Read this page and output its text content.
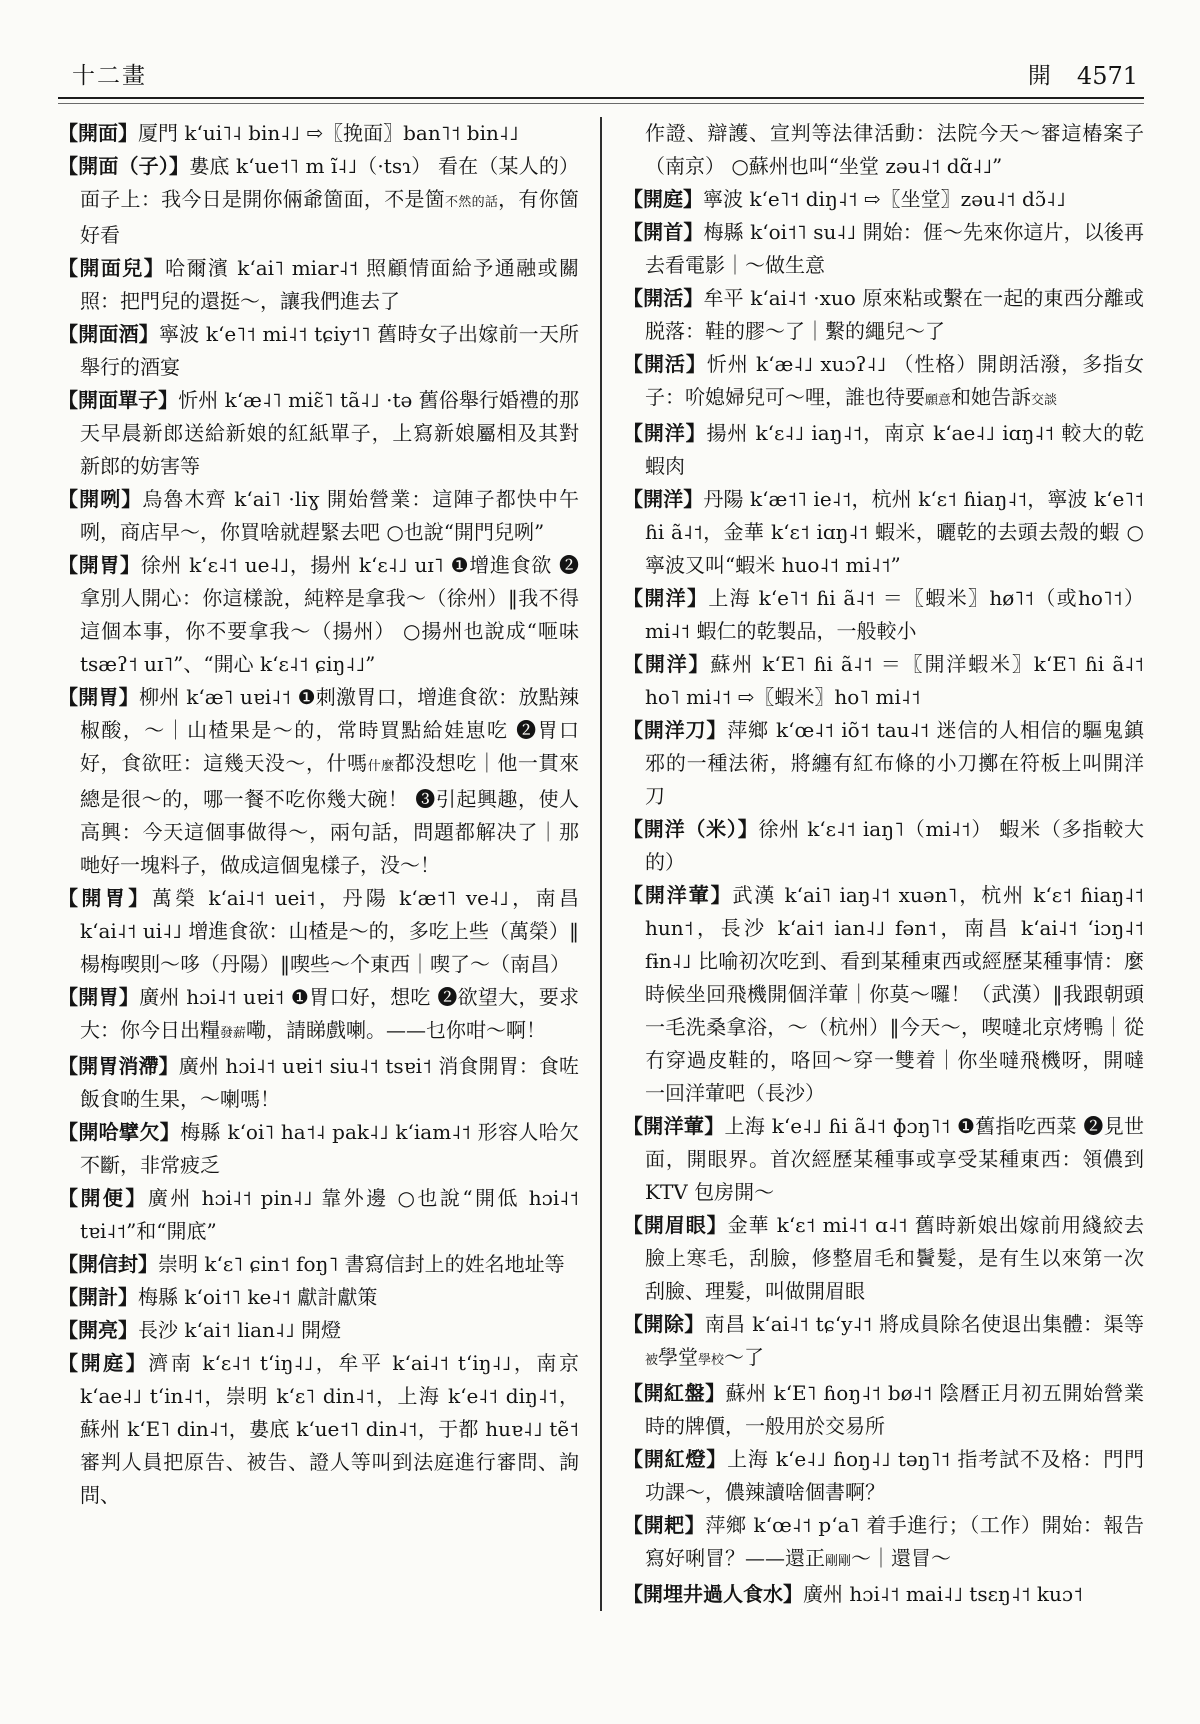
十二畫	開 4571

【開面】厦門 kʻui˥˨ bin˨˩ ⇨〖挽面〗ban˥˦ bin˨˩

【開面（子）】婁底 kʻue˦˥ m ĩ˨˩（·tsɿ） 看在（某人的）面子上：我今日是開你倆爺箇面，不是箇不然的話，有你箇好看

【開面兒】哈爾濱 kʻai˥ miar˨˦ 照顧情面給予通融或關照：把門兒的還挺～，讓我們進去了

【開面酒】寧波 kʻe˥˦ mi˨˦ tɕiy˦˥ 舊時女子出嫁前一天所舉行的酒宴

【開面單子】忻州 kʻæ˨˥ miɛ̃˥ tã˨˩ ·tə 舊俗舉行婚禮的那天早晨新郎送給新娘的紅紙單子，上寫新娘屬相及其對新郎的妨害等

【開咧】烏魯木齊 kʻai˥ ·liɣ 開始營業：這陣子都快中午咧，商店早～，你買啥就趕緊去吧 ○也說“開門兒咧”

【開胃】徐州 kʻɛ˨˦ ue˨˩，揚州 kʻɛ˨˩ uɪ˥ ❶增進食欲 ❷拿別人開心：你這樣說，純粹是拿我～（徐州）‖我不得這個本事，你不要拿我～（揚州） ○揚州也說成“咂味 tsæʔ˦ uɪ˥”、“開心 kʻɛ˨˦ ɕiŋ˨˩”

【開胃】柳州 kʻæ˥ uɐi˨˦ ❶刺激胃口，增進食欲：放點辣椒酸，～｜山楂果是～的，常時買點給娃崽吃 ❷胃口好，食欲旺：這幾天没～，什嗎什麼都没想吃｜他一貫來總是很～的，哪一餐不吃你幾大碗！ ❸引起興趣，使人高興：今天這個事做得～，兩句話，問題都解决了｜那哋好一塊料子，做成這個鬼樣子，没～！

【開胃】萬榮 kʻai˨˦ uei˦，丹陽 kʻæ˦˥ ve˨˩，南昌 kʻai˨˦ ui˨˩ 增進食欲：山楂是～的，多吃上些（萬榮）‖楊梅喫則～哆（丹陽）‖喫些～个東西｜喫了～（南昌）

【開胃】廣州 hɔi˨˦ uɐi˦ ❶胃口好，想吃 ❷欲望大，要求大：你今日出糧發薪嘞，請睇戲喇。——乜你咁～啊！

【開胃消滯】廣州 hɔi˨˦ uɐi˦ siu˨˦ tsɐi˦ 消食開胃：食咗飯食啲生果，～喇嗎！

【開哈擘欠】梅縣 kʻoi˥ ha˦˨ pak˨˩ kʻiam˨˦ 形容人哈欠不斷，非常疲乏

【開便】廣州 hɔi˨˦ pin˨˩ 靠外邊 ○也說“開低 hɔi˨˦ tɐi˨˦”和“開底”

【開信封】崇明 kʻɛ˥ ɕin˦ foŋ˥ 書寫信封上的姓名地址等

【開計】梅縣 kʻoi˦˥ ke˨˦ 獻計獻策

【開亮】長沙 kʻai˦ lian˨˩ 開燈

【開庭】濟南 kʻɛ˨˦ tʻiŋ˨˩，牟平 kʻai˨˦ tʻiŋ˨˩，南京 kʻae˨˩ tʻin˨˦，崇明 kʻɛ˥ din˨˦，上海 kʻe˨˦ diŋ˨˦，蘇州 kʻE˥ din˨˦，婁底 kʻue˦˥ din˨˦，于都 huɐ˨˩ tẽ˦ 審判人員把原告、被告、證人等叫到法庭進行審問、詢問、

作證、辯護、宣判等法律活動：法院今天～審這樁案子（南京） ○蘇州也叫“坐堂 zəu˨˦ dɑ̃˨˩”

【開庭】寧波 kʻe˥˦ diŋ˨˦ ⇨〖坐堂〗zəu˨˦ dɔ̃˨˩

【開首】梅縣 kʻoi˦˥ su˨˩ 開始：𠊎～先來你這片，以後再去看電影｜～做生意

【開活】牟平 kʻai˨˦ ·xuo 原來粘或繫在一起的東西分離或脱落：鞋的膠～了｜繫的繩兒～了

【開活】忻州 kʻæ˨˩ xuɔʔ˨˩ （性格）開朗活潑，多指女子：吤媳婦兒可～哩，誰也待要願意和她告訴交談

【開洋】揚州 kʻɛ˨˩ iaŋ˨˦，南京 kʻae˨˩ iɑŋ˨˦ 較大的乾蝦肉

【開洋】丹陽 kʻæ˦˥ ie˨˦，杭州 kʻɛ˦ ɦiaŋ˨˦，寧波 kʻe˥˦ ɦi ã˨˦，金華 kʻɛ˦ iɑŋ˨˦ 蝦米，曬乾的去頭去殼的蝦 ○寧波又叫“蝦米 huo˨˦ mi˨˦”

【開洋】上海 kʻe˥˦ ɦi ã˨˦ ＝〖蝦米〗hø˥˦（或ho˥˦） mi˨˦ 蝦仁的乾製品，一般較小

【開洋】蘇州 kʻE˥ ɦi ã˨˦ ＝〖開洋蝦米〗kʻE˥ ɦi ã˨˦ ho˥ mi˨˦ ⇨〖蝦米〗ho˥ mi˨˦

【開洋刀】萍鄉 kʻœ˨˦ iõ˦ tau˨˦ 迷信的人相信的驅鬼鎮邪的一種法術，將纏有紅布條的小刀擲在符板上叫開洋刀

【開洋（米）】徐州 kʻɛ˨˦ iaŋ˥（mi˨˦） 蝦米（多指較大的）

【開洋葷】武漢 kʻai˥ iaŋ˨˦ xuən˥，杭州 kʻɛ˦ ɦiaŋ˨˦ hun˦，長沙 kʻai˦ ian˨˩ fən˦，南昌 kʻai˨˦ ʻiɔŋ˨˦ fɨn˨˩ 比喻初次吃到、看到某種東西或經歷某種事情：麼時候坐回飛機開個洋葷｜你莫～囉！（武漢）‖我跟朝頭一毛洗桑拿浴，～（杭州）‖今天～，喫噠北京烤鴨｜從冇穿過皮鞋的，咯回～穿一雙着｜你坐噠飛機呀，開噠一回洋葷吧（長沙）

【開洋葷】上海 kʻe˨˩ ɦi ã˨˦ ɸɔŋ˥˦ ❶舊指吃西菜 ❷見世面，開眼界。首次經歷某種事或享受某種東西：領儂到 KTV 包房開～

【開眉眼】金華 kʻɛ˦ mi˨˦ ɑ˨˦ 舊時新娘出嫁前用綫絞去臉上寒毛，刮臉，修整眉毛和鬢髮，是有生以來第一次刮臉、理髮，叫做開眉眼

【開除】南昌 kʻai˨˦ tɕʻy˨˦ 將成員除名使退出集體：渠等被學堂學校～了

【開紅盤】蘇州 kʻE˥ ɦoŋ˨˦ bø˨˦ 陰曆正月初五開始營業時的牌價，一般用於交易所

【開紅燈】上海 kʻe˨˩ ɦoŋ˨˩ təŋ˥˦ 指考試不及格：門門功課～，儂辣讀啥個書啊？

【開耙】萍鄉 kʻœ˨˦ pʻa˥ 着手進行；（工作）開始：報告寫好唎冒？——還正剛剛～｜還冒～

【開埋井過人食水】廣州 hɔi˨˦ mai˨˩ tsɛŋ˨˦ kuɔ˦
